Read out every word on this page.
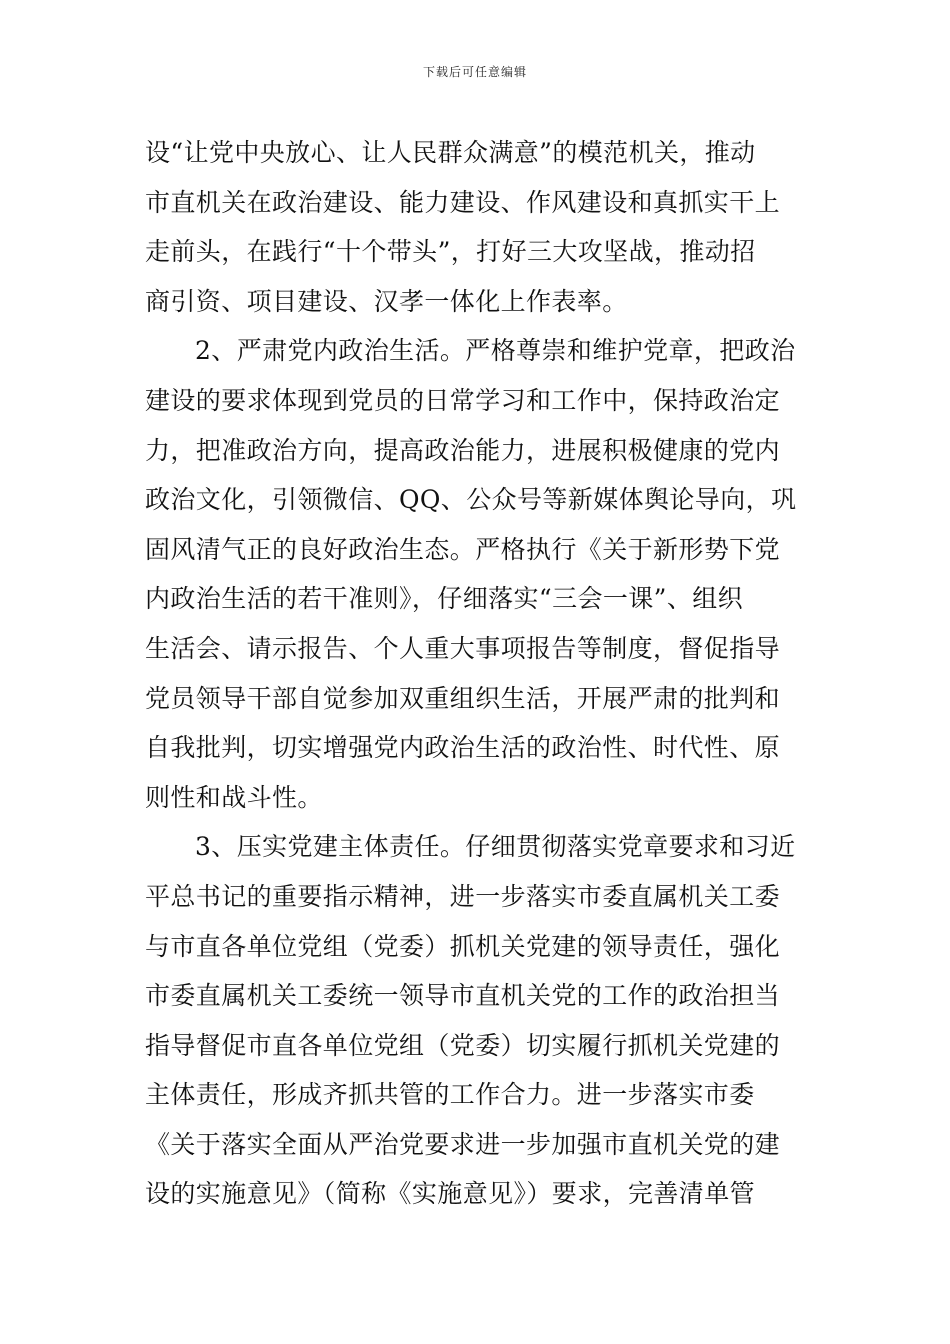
下载后可任意编辑
设“让党中央放心、让人民群众满意”的模范机关，推动
市直机关在政治建设、能力建设、作风建设和真抓实干上
走前头，在践行“十个带头”，打好三大攻坚战，推动招
商引资、项目建设、汉孝一体化上作表率。
2、严肃党内政治生活。严格尊崇和维护党章，把政治
建设的要求体现到党员的日常学习和工作中，保持政治定
力，把准政治方向，提高政治能力，进展积极健康的党内
政治文化，引领微信、QQ、公众号等新媒体舆论导向，巩
固风清气正的良好政治生态。严格执行《关于新形势下党
内政治生活的若干准则》，仔细落实“三会一课”、组织
生活会、请示报告、个人重大事项报告等制度，督促指导
党员领导干部自觉参加双重组织生活，开展严肃的批判和
自我批判，切实增强党内政治生活的政治性、时代性、原
则性和战斗性。
3、压实党建主体责任。仔细贯彻落实党章要求和习近
平总书记的重要指示精神，进一步落实市委直属机关工委
与市直各单位党组（党委）抓机关党建的领导责任，强化
市委直属机关工委统一领导市直机关党的工作的政治担当
指导督促市直各单位党组（党委）切实履行抓机关党建的
主体责任，形成齐抓共管的工作合力。进一步落实市委
《关于落实全面从严治党要求进一步加强市直机关党的建
设的实施意见》（简称《实施意见》）要求，完善清单管
